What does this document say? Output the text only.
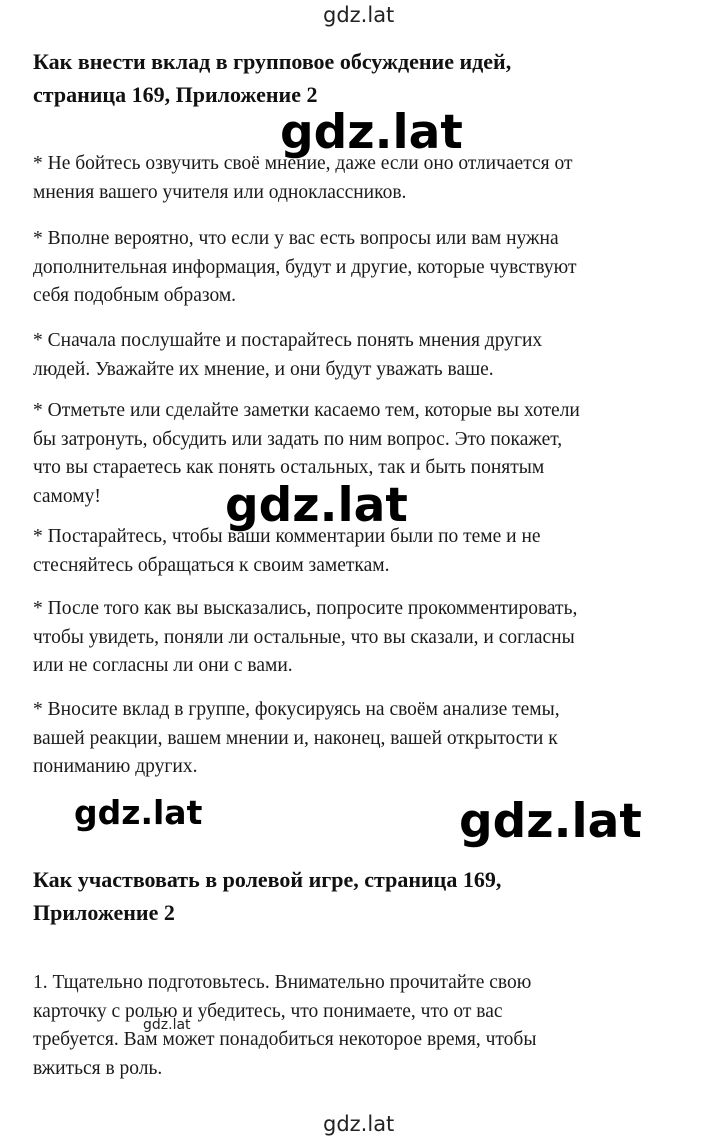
gdz.lat
Как внести вклад в групповое обсуждение идей,
страница 169, Приложение 2

* Не бойтесь озвучить своё мнение, даже если оно отличается от
мнения вашего учителя или одноклассников.

* Вполне вероятно, что если у вас есть вопросы или вам нужна
дополнительная информация, будут и другие, которые чувствуют
себя подобным образом.

* Сначала послушайте и постарайтесь понять мнения других
людей. Уважайте их мнение, и они будут уважать ваше.

* Отметьте или сделайте заметки касаемо тем, которые вы хотели
бы затронуть, обсудить или задать по ним вопрос. Это покажет,
что вы стараетесь как понять остальных, так и быть понятым
самому!

* Постарайтесь, чтобы ваши комментарии были по теме и не
стесняйтесь обращаться к своим заметкам.

* После того как вы высказались, попросите прокомментировать,
чтобы увидеть, поняли ли остальные, что вы сказали, и согласны
или не согласны ли они с вами.

* Вносите вклад в группе, фокусируясь на своём анализе темы,
вашей реакции, вашем мнении и, наконец, вашей открытости к
пониманию других.

Как участвовать в ролевой игре, страница 169,
Приложение 2

1. Тщательно подготовьтесь. Внимательно прочитайте свою
карточку с ролью и убедитесь, что понимаете, что от вас
требуется. Вам может понадобиться некоторое время, чтобы
вжиться в роль.

gdz.lat
gdz.lat
gdz.lat	gdz.lat
gdz.lat
gdz.lat
